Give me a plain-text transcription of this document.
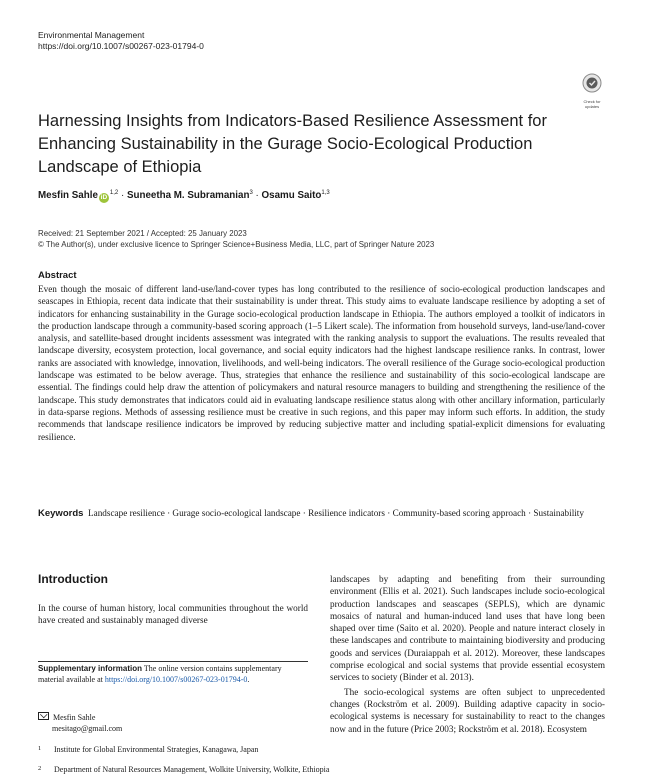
Environmental Management
https://doi.org/10.1007/s00267-023-01794-0
Check for
updates
Harnessing Insights from Indicators-Based Resilience Assessment for Enhancing Sustainability in the Gurage Socio-Ecological Production Landscape of Ethiopia
Mesfin Sahle iD$^{1,2}$ · Suneetha M. Subramanian$^3$ · Osamu Saito$^{1,3}$
Received: 21 September 2021 / Accepted: 25 January 2023
© The Author(s), under exclusive licence to Springer Science+Business Media, LLC, part of Springer Nature 2023
Abstract
Even though the mosaic of different land-use/land-cover types has long contributed to the resilience of socio-ecological production landscapes and seascapes in Ethiopia, recent data indicate that their sustainability is under threat. This study aims to evaluate landscape resilience by adopting a set of indicators for enhancing sustainability in the Gurage socio-ecological production landscape in Ethiopia. The authors employed a toolkit of indicators in the production landscape through a community-based scoring approach (1–5 Likert scale). The information from household surveys, land-use/land-cover analysis, and satellite-based drought incidents assessment was integrated with the ranking analysis to support the evaluations. The results revealed that landscape diversity, ecosystem protection, local governance, and social equity indicators had the highest landscape resilience ranks. In contrast, lower ranks are associated with knowledge, innovation, livelihoods, and well-being indicators. The overall resilience of the Gurage socio-ecological production landscape was estimated to be below average. Thus, strategies that enhance the resilience and sustainability of this socio-ecological landscape are essential. The findings could help draw the attention of policymakers and natural resource managers to building and strengthening the resilience of the landscape. This study demonstrates that indicators could aid in evaluating landscape resilience status along with other ancillary information, particularly in data-sparse regions. Methods of assessing resilience must be creative in such regions, and this paper may inform such efforts. In addition, the study recommends that landscape resilience indicators be improved by reducing subjective matter and including spatial-explicit dimensions for evaluating resilience.
Keywords Landscape resilience · Gurage socio-ecological landscape · Resilience indicators · Community-based scoring approach · Sustainability
Introduction
In the course of human history, local communities throughout the world have created and sustainably managed diverse
Supplementary information The online version contains supplementary material available at https://doi.org/10.1007/s00267-023-01794-0.
Mesfin Sahle
mesitago@gmail.com
1 Institute for Global Environmental Strategies, Kanagawa, Japan
2 Department of Natural Resources Management, Wolkite University, Wolkite, Ethiopia
landscapes by adapting and benefiting from their surrounding environment (Ellis et al. 2021). Such landscapes include socio-ecological production landscapes and seascapes (SEPLS), which are dynamic mosaics of natural and human-induced land uses that have long been shaped over time (Saito et al. 2020). People and nature interact closely in these landscapes and contribute to maintaining biodiversity and producing goods and services (Duraiappah et al. 2012). Moreover, these landscapes comprise ecological and social systems that provide essential ecosystem services to society (Binder et al. 2013).
The socio-ecological systems are often subject to unprecedented changes (Rockström et al. 2009). Building adaptive capacity in socio-ecological systems is necessary for sustainability to react to the changes now and in the future (Price 2003; Rockström et al. 2018). Ecosystem
